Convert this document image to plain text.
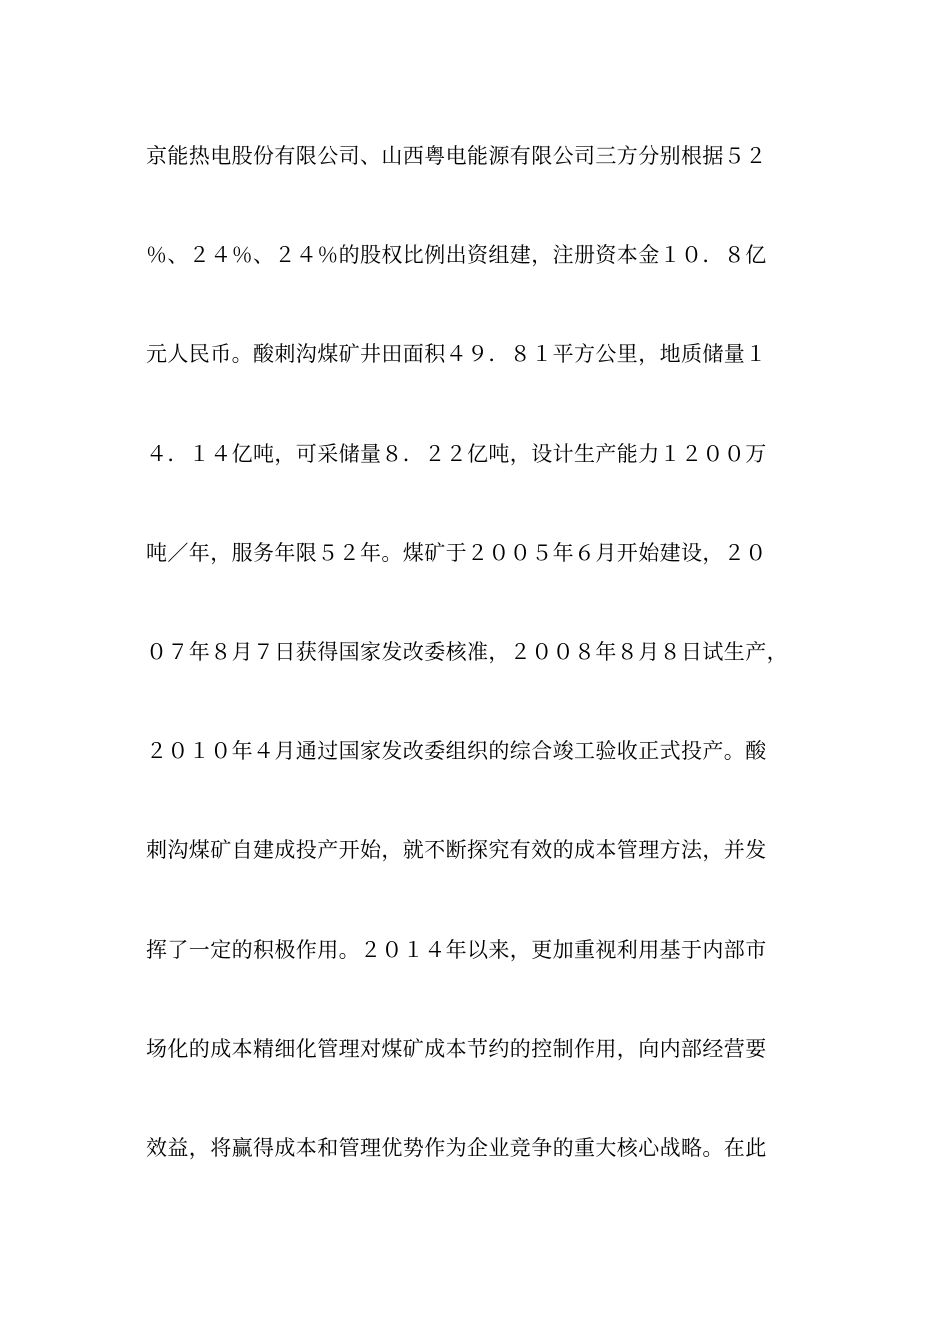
京能热电股份有限公司、山西粤电能源有限公司三方分别根据５２
％、２４％、２４％的股权比例出资组建，注册资本金１０．８亿
元人民币。酸刺沟煤矿井田面积４９．８１平方公里，地质储量１
４．１４亿吨，可采储量８．２２亿吨，设计生产能力１２００万
吨／年，服务年限５２年。煤矿于２００５年６月开始建设，２０
０７年８月７日获得国家发改委核准，２００８年８月８日试生产，
２０１０年４月通过国家发改委组织的综合竣工验收正式投产。酸
刺沟煤矿自建成投产开始，就不断探究有效的成本管理方法，并发
挥了一定的积极作用。２０１４年以来，更加重视利用基于内部市
场化的成本精细化管理对煤矿成本节约的控制作用，向内部经营要
效益，将赢得成本和管理优势作为企业竞争的重大核心战略。在此
